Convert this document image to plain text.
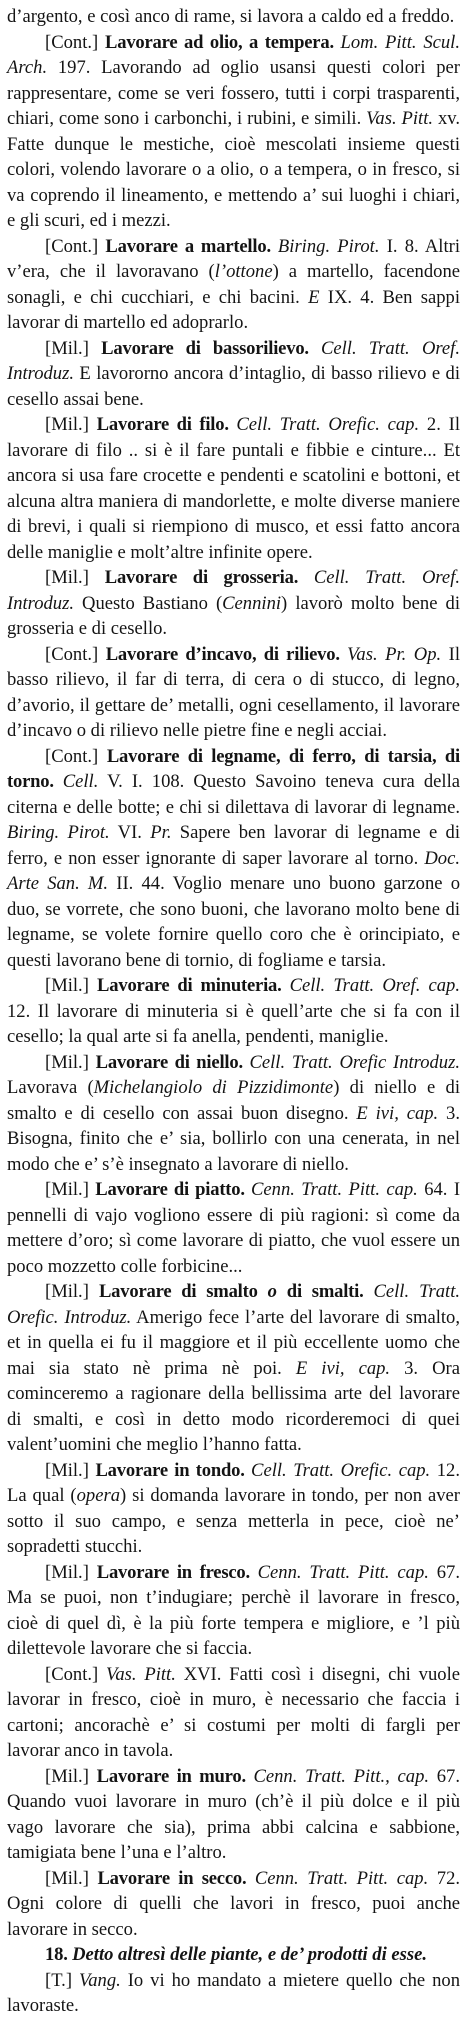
d’argento, e così anco di rame, si lavora a caldo ed a freddo.

[Cont.] Lavorare ad olio, a tempera. Lom. Pitt. Scul. Arch. 197. Lavorando ad oglio usansi questi colori per rappresentare, come se veri fossero, tutti i corpi trasparenti, chiari, come sono i carbonchi, i rubini, e simili. Vas. Pitt. xv. Fatte dunque le mestiche, cioè mescolati insieme questi colori, volendo lavorare o a olio, o a tempera, o in fresco, si va coprendo il lineamento, e mettendo a’ sui luoghi i chiari, e gli scuri, ed i mezzi.

[Cont.] Lavorare a martello. Biring. Pirot. I. 8. Altri v’era, che il lavoravano (l’ottone) a martello, facendone sonagli, e chi cucchiari, e chi bacini. E IX. 4. Ben sappi lavorar di martello ed adoprarlo.

[Mil.] Lavorare di bassorilievo. Cell. Tratt. Oref. Introduz. E lavororno ancora d’intaglio, di basso rilievo e di cesello assai bene.

[Mil.] Lavorare di filo. Cell. Tratt. Orefic. cap. 2. Il lavorare di filo .. si è il fare puntali e fibbie e cinture... Et ancora si usa fare crocette e pendenti e scatolini e bottoni, et alcuna altra maniera di mandorlette, e molte diverse maniere di brevi, i quali si riempiono di musco, et essi fatto ancora delle maniglie e molt’altre infinite opere.

[Mil.] Lavorare di grosseria. Cell. Tratt. Oref. Introduz. Questo Bastiano (Cennini) lavorò molto bene di grosseria e di cesello.

[Cont.] Lavorare d’incavo, di rilievo. Vas. Pr. Op. Il basso rilievo, il far di terra, di cera o di stucco, di legno, d’avorio, il gettare de’ metalli, ogni cesellamento, il lavorare d’incavo o di rilievo nelle pietre fine e negli acciai.

[Cont.] Lavorare di legname, di ferro, di tarsia, di torno. Cell. V. I. 108. Questo Savoino teneva cura della citerna e delle botte; e chi si dilettava di lavorar di legname. Biring. Pirot. VI. Pr. Sapere ben lavorar di legname e di ferro, e non esser ignorante di saper lavorare al torno. Doc. Arte San. M. II. 44. Voglio menare uno buono garzone o duo, se vorrete, che sono buoni, che lavorano molto bene di legname, se volete fornire quello coro che è orincipiato, e questi lavorano bene di tornio, di fogliame e tarsia.

[Mil.] Lavorare di minuteria. Cell. Tratt. Oref. cap. 12. Il lavorare di minuteria si è quell’arte che si fa con il cesello; la qual arte si fa anella, pendenti, maniglie.

[Mil.] Lavorare di niello. Cell. Tratt. Orefic Introduz. Lavorava (Michelangiolo di Pizzidimonte) di niello e di smalto e di cesello con assai buon disegno. E ivi, cap. 3. Bisogna, finito che e’ sia, bollirlo con una cenerata, in nel modo che e’ s’è insegnato a lavorare di niello.

[Mil.] Lavorare di piatto. Cenn. Tratt. Pitt. cap. 64. I pennelli di vajo vogliono essere di più ragioni: sì come da mettere d’oro; sì come lavorare di piatto, che vuol essere un poco mozzetto colle forbicine...

[Mil.] Lavorare di smalto o di smalti. Cell. Tratt. Orefic. Introduz. Amerigo fece l’arte del lavorare di smalto, et in quella ei fu il maggiore et il più eccellente uomo che mai sia stato nè prima nè poi. E ivi, cap. 3. Ora cominceremo a ragionare della bellissima arte del lavorare di smalti, e così in detto modo ricorderemoci di quei valent’uomini che meglio l’hanno fatta.

[Mil.] Lavorare in tondo. Cell. Tratt. Orefic. cap. 12. La qual (opera) si domanda lavorare in tondo, per non aver sotto il suo campo, e senza metterla in pece, cioè ne’ sopradetti stucchi.

[Mil.] Lavorare in fresco. Cenn. Tratt. Pitt. cap. 67. Ma se puoi, non t’indugiare; perchè il lavorare in fresco, cioè di quel dì, è la più forte tempera e migliore, e ’l più dilettevole lavorare che si faccia.

[Cont.] Vas. Pitt. XVI. Fatti così i disegni, chi vuole lavorar in fresco, cioè in muro, è necessario che faccia i cartoni; ancorachè e’ si costumi per molti di fargli per lavorar anco in tavola.

[Mil.] Lavorare in muro. Cenn. Tratt. Pitt., cap. 67. Quando vuoi lavorare in muro (ch’è il più dolce e il più vago lavorare che sia), prima abbi calcina e sabbione, tamigiata bene l’una e l’altro.

[Mil.] Lavorare in secco. Cenn. Tratt. Pitt. cap. 72. Ogni colore di quelli che lavori in fresco, puoi anche lavorare in secco.

18. Detto altresì delle piante, e de’ prodotti di esse.

[T.] Vang. Io vi ho mandato a mietere quello che non lavoraste.
